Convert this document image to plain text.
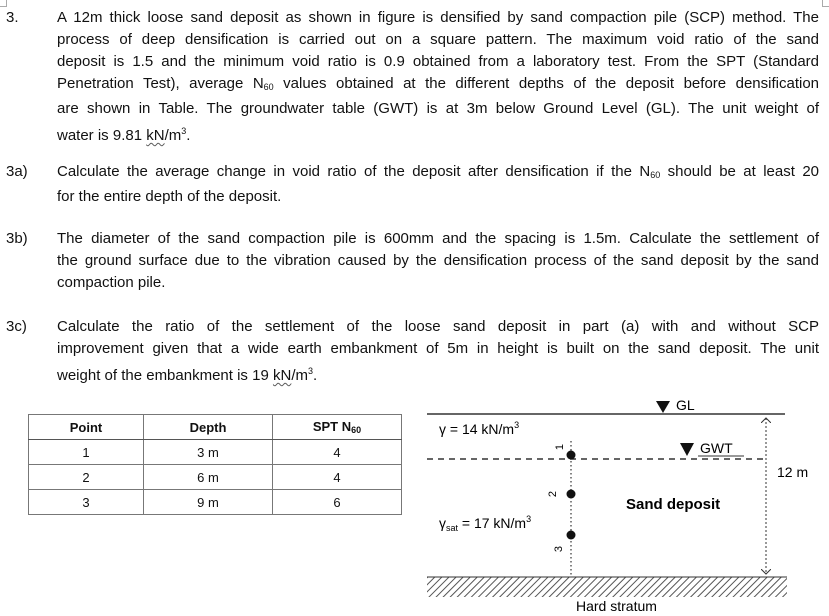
3.	A 12m thick loose sand deposit as shown in figure is densified by sand compaction pile (SCP) method. The
process of deep densification is carried out on a square pattern. The maximum void ratio of the sand
deposit is 1.5 and the minimum void ratio is 0.9 obtained from a laboratory test. From the SPT (Standard
Penetration Test), average $N_{60}$ values obtained at the different depths of the deposit before densification
are shown in Table. The groundwater table (GWT) is at 3m below Ground Level (GL). The unit weight of
water is 9.81 $kN/m^3$.
3a) Calculate the average change in void ratio of the deposit after densification if the $N_{60}$ should be at least 20
for the entire depth of the deposit.
3b) The diameter of the sand compaction pile is 600mm and the spacing is 1.5m. Calculate the settlement of
the ground surface due to the vibration caused by the densification process of the sand deposit by the sand
compaction pile.
3c) Calculate the ratio of the settlement of the loose sand deposit in part (a) with and without SCP
improvement given that a wide earth embankment of 5m in height is built on the sand deposit. The unit
weight of the embankment is 19 $kN/m^3$.
Point	Depth	SPT $N_{60}$
1	3 m	4
2	6 m	4
3	9 m	6
GL
GWT
γ = 14 $kN/m^3$
$\gamma_{sat} = 17$ $kN/m^3$
1
2
3
Sand deposit
12 m
Hard stratum
